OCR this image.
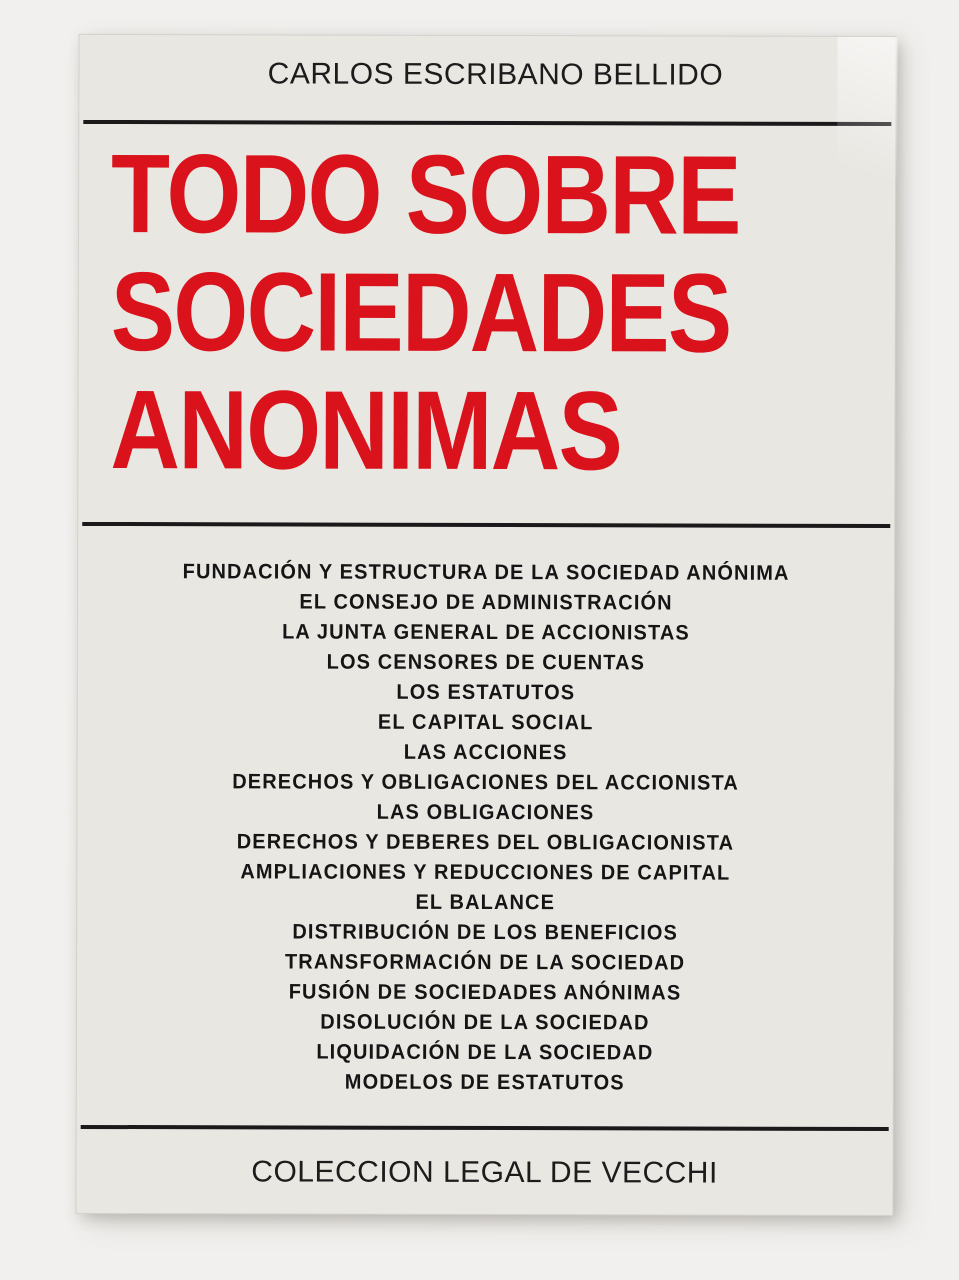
CARLOS ESCRIBANO BELLIDO
TODO SOBRE
SOCIEDADES
ANONIMAS
FUNDACIÓN Y ESTRUCTURA DE LA SOCIEDAD ANÓNIMA
EL CONSEJO DE ADMINISTRACIÓN
LA JUNTA GENERAL DE ACCIONISTAS
LOS CENSORES DE CUENTAS
LOS ESTATUTOS
EL CAPITAL SOCIAL
LAS ACCIONES
DERECHOS Y OBLIGACIONES DEL ACCIONISTA
LAS OBLIGACIONES
DERECHOS Y DEBERES DEL OBLIGACIONISTA
AMPLIACIONES Y REDUCCIONES DE CAPITAL
EL BALANCE
DISTRIBUCIÓN DE LOS BENEFICIOS
TRANSFORMACIÓN DE LA SOCIEDAD
FUSIÓN DE SOCIEDADES ANÓNIMAS
DISOLUCIÓN DE LA SOCIEDAD
LIQUIDACIÓN DE LA SOCIEDAD
MODELOS DE ESTATUTOS
COLECCION LEGAL DE VECCHI
